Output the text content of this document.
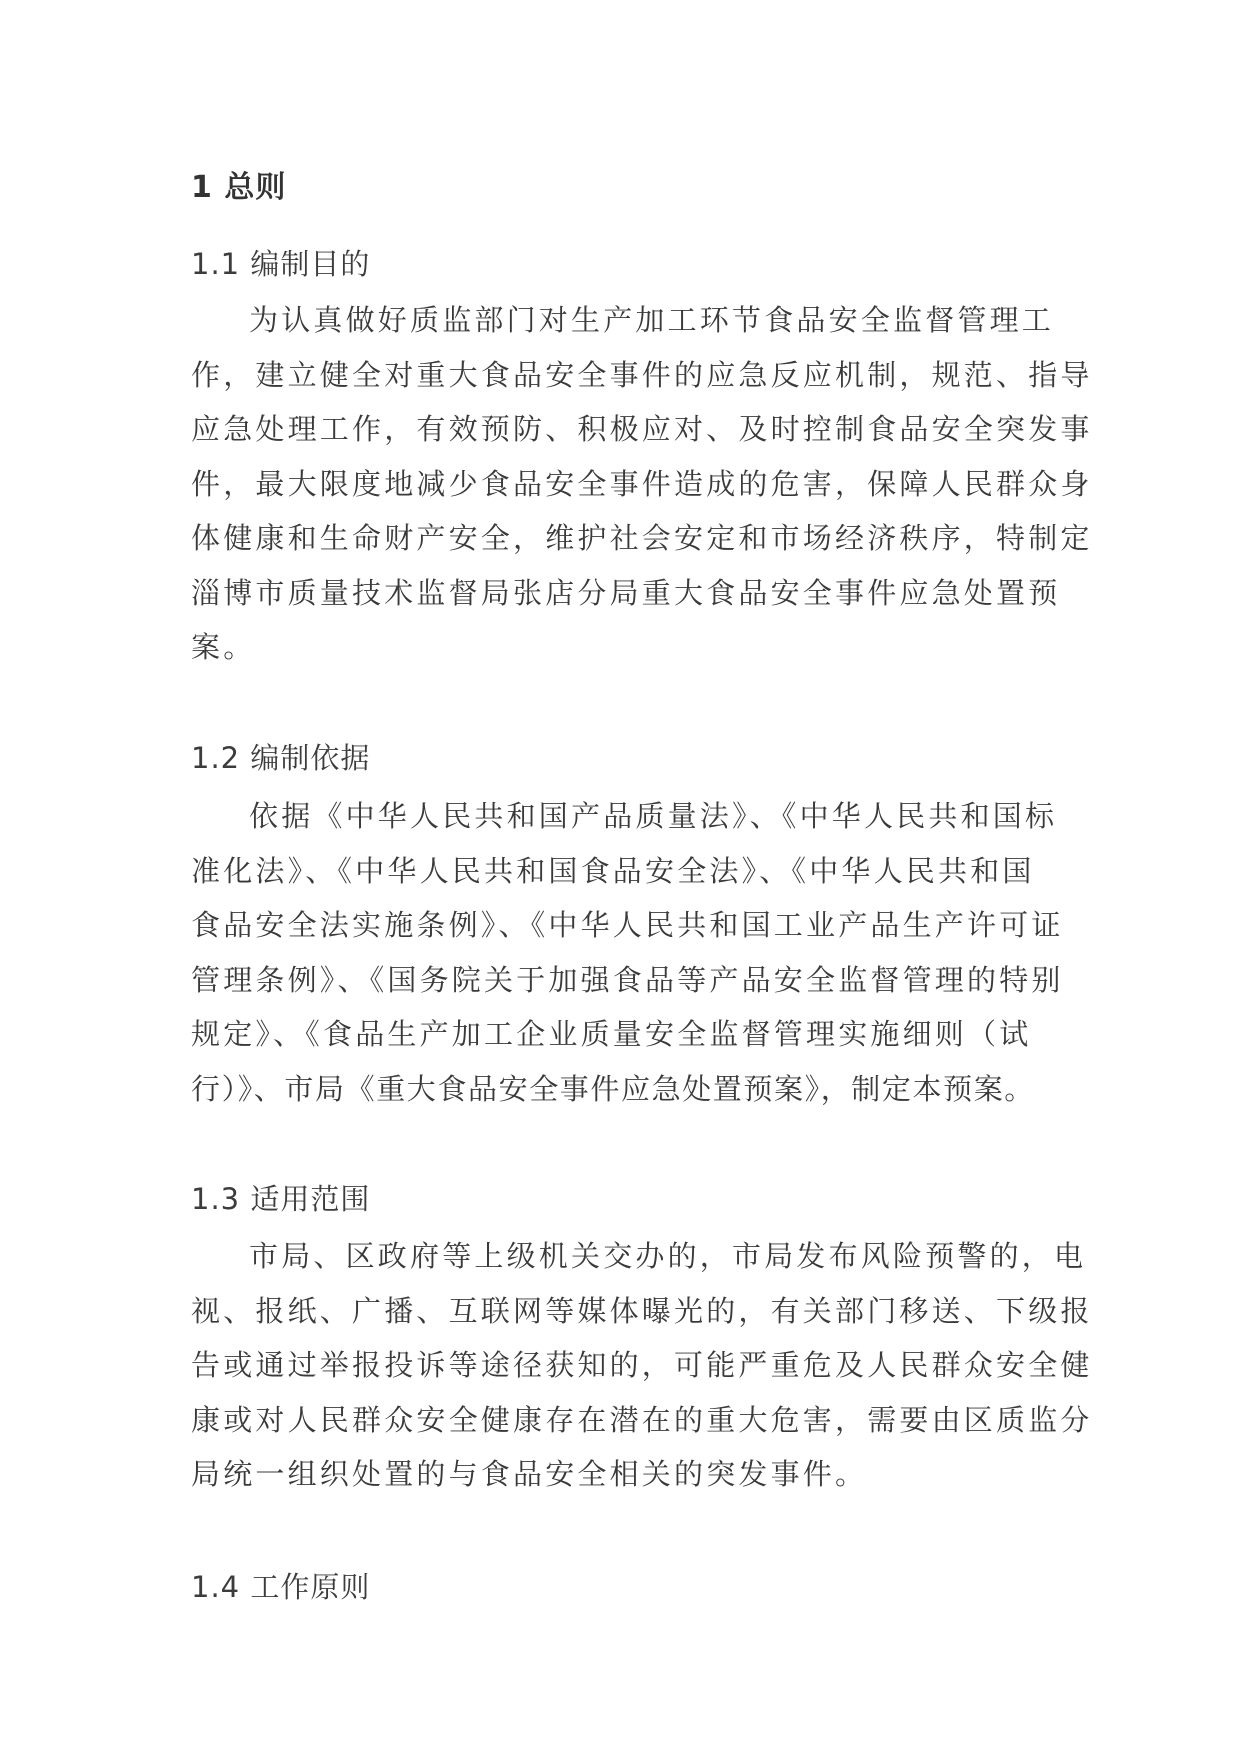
1 总则
1.1 编制目的
为认真做好质监部门对生产加工环节食品安全监督管理工
作，建立健全对重大食品安全事件的应急反应机制，规范、指导
应急处理工作，有效预防、积极应对、及时控制食品安全突发事
件，最大限度地减少食品安全事件造成的危害，保障人民群众身
体健康和生命财产安全，维护社会安定和市场经济秩序，特制定
淄博市质量技术监督局张店分局重大食品安全事件应急处置预
案。
1.2 编制依据
依据《中华人民共和国产品质量法》、《中华人民共和国标
准化法》、《中华人民共和国食品安全法》、《中华人民共和国
食品安全法实施条例》、《中华人民共和国工业产品生产许可证
管理条例》、《国务院关于加强食品等产品安全监督管理的特别
规定》、《食品生产加工企业质量安全监督管理实施细则（试
行）》、市局《重大食品安全事件应急处置预案》，制定本预案。
1.3 适用范围
市局、区政府等上级机关交办的，市局发布风险预警的，电
视、报纸、广播、互联网等媒体曝光的，有关部门移送、下级报
告或通过举报投诉等途径获知的，可能严重危及人民群众安全健
康或对人民群众安全健康存在潜在的重大危害，需要由区质监分
局统一组织处置的与食品安全相关的突发事件。
1.4 工作原则
